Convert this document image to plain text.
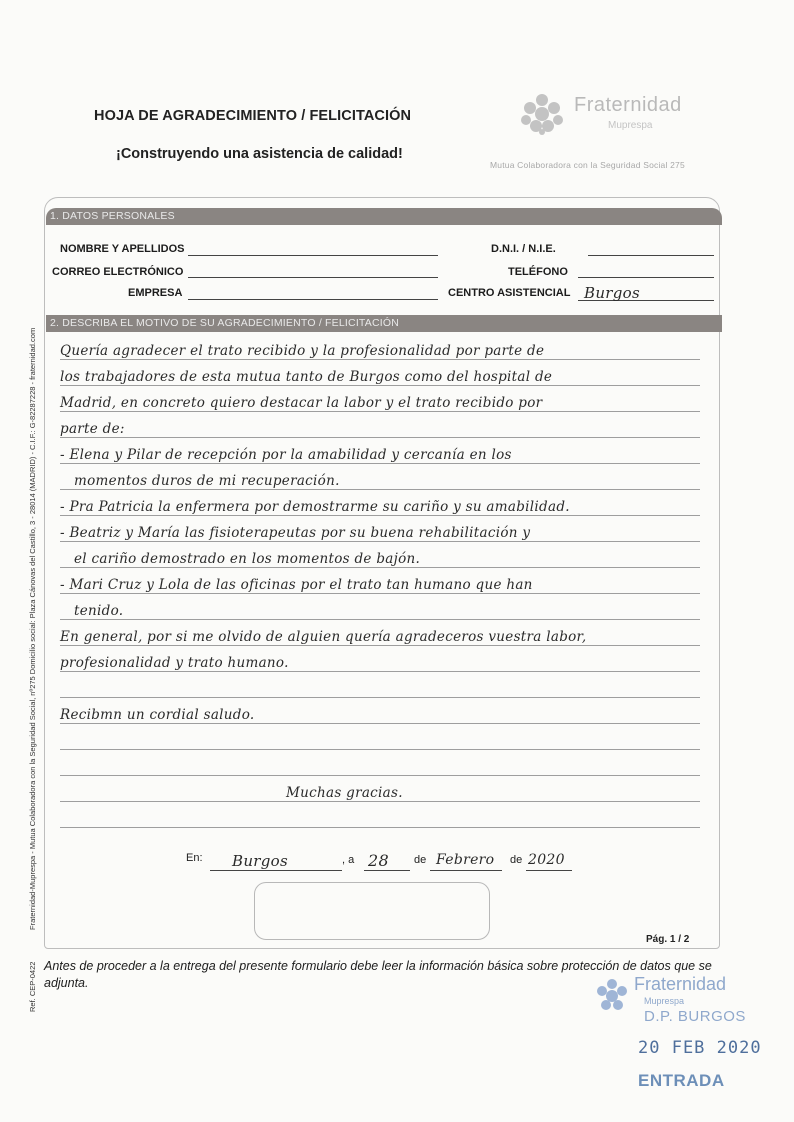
HOJA DE AGRADECIMIENTO / FELICITACIÓN
¡Construyendo una asistencia de calidad!
Fraternidad
Muprespa
Mutua Colaboradora con la Seguridad Social 275
1. DATOS PERSONALES
NOMBRE Y APELLIDOS	D.N.I. / N.I.E.
CORREO ELECTRÓNICO	TELÉFONO
EMPRESA	CENTRO ASISTENCIAL Burgos
2. DESCRIBA EL MOTIVO DE SU AGRADECIMIENTO / FELICITACIÓN
Quería agradecer el trato recibido y la profesionalidad por parte de
los trabajadores de esta mutua tanto de Burgos como del hospital de
Madrid, en concreto quiero destacar la labor y el trato recibido por
parte de:
- Elena y Pilar de recepción por la amabilidad y cercanía en los
momentos duros de mi recuperación.
- Pra Patricia la enfermera por demostrarme su cariño y su amabilidad.
- Beatriz y María las fisioterapeutas por su buena rehabilitación y
el cariño demostrado en los momentos de bajón.
- Mari Cruz y Lola de las oficinas por el trato tan humano que han
tenido.
En general, por si me olvido de alguien quería agradeceros vuestra labor,
profesionalidad y trato humano.
Recibmn un cordial saludo.
Muchas gracias.
En: Burgos	, a 28 de Febrero de 2020
Pág. 1 / 2
Antes de proceder a la entrega del presente formulario debe leer la información básica sobre protección de datos que se adjunta.
Fraternidad-Muprespa - Mutua Colaboradora con la Seguridad Social, nº275 Domicilio social: Plaza Cánovas del Castillo, 3 - 28014 (MADRID) - C.I.F.: G-82287228 - fraternidad.com
Ref. CEP-0422	Fraternidad
Muprespa
D.P. BURGOS
20 FEB 2020
ENTRADA
